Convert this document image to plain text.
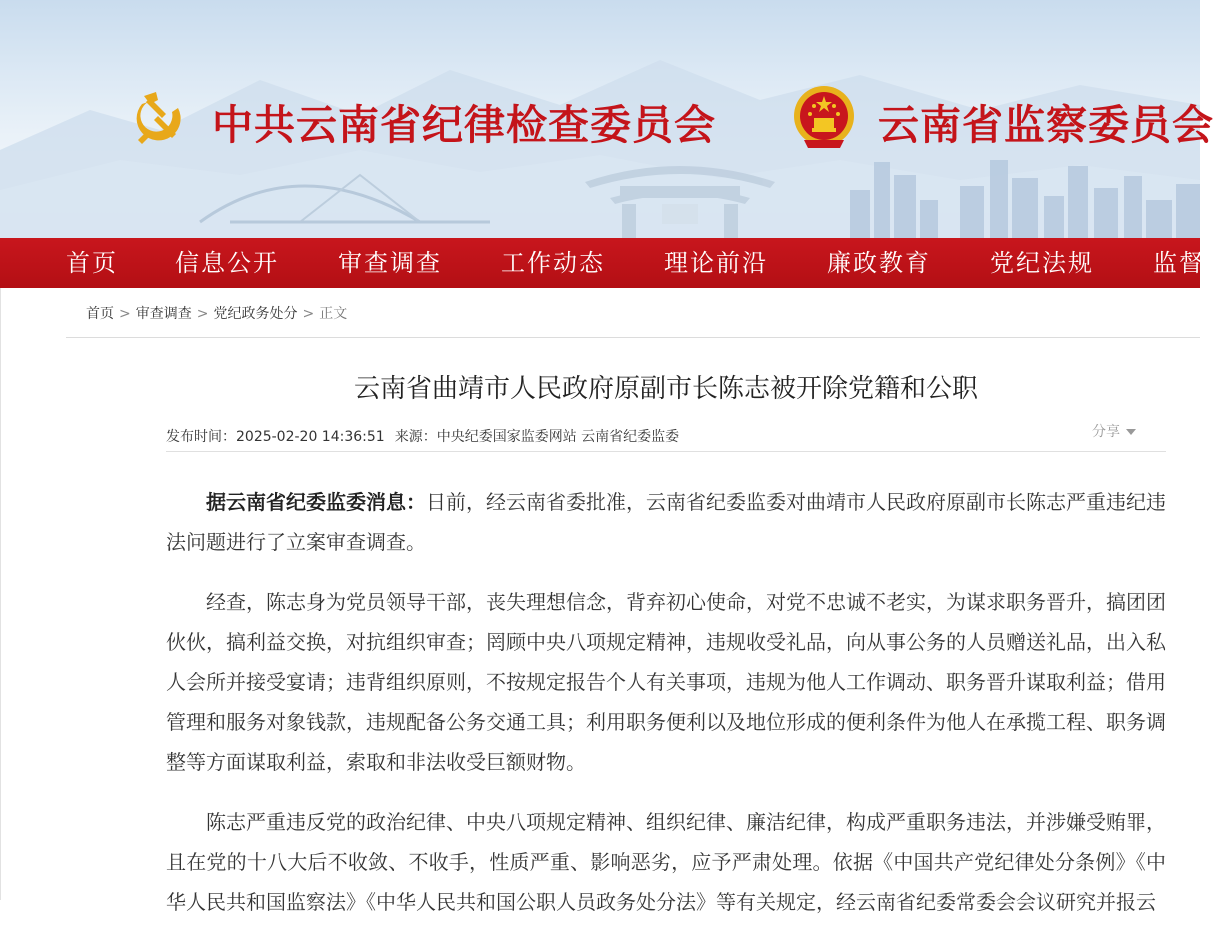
中共云南省纪律检查委员会	云南省监察委员会
首页 信息公开 审查调查 工作动态 理论前沿 廉政教育 党纪法规 监督
首页 > 审查调查 > 党纪政务处分 > 正文
云南省曲靖市人民政府原副市长陈志被开除党籍和公职
发布时间：2025-02-20 14:36:51 来源：中央纪委国家监委网站 云南省纪委监委	分享

据云南省纪委监委消息：日前，经云南省委批准，云南省纪委监委对曲靖市人民政府原副市长陈志严重违纪违法问题进行了立案审查调查。

经查，陈志身为党员领导干部，丧失理想信念，背弃初心使命，对党不忠诚不老实，为谋求职务晋升，搞团团伙伙，搞利益交换，对抗组织审查；罔顾中央八项规定精神，违规收受礼品，向从事公务的人员赠送礼品，出入私人会所并接受宴请；违背组织原则，不按规定报告个人有关事项，违规为他人工作调动、职务晋升谋取利益；借用管理和服务对象钱款，违规配备公务交通工具；利用职务便利以及地位形成的便利条件为他人在承揽工程、职务调整等方面谋取利益，索取和非法收受巨额财物。

陈志严重违反党的政治纪律、中央八项规定精神、组织纪律、廉洁纪律，构成严重职务违法，并涉嫌受贿罪，且在党的十八大后不收敛、不收手，性质严重、影响恶劣，应予严肃处理。依据《中国共产党纪律处分条例》《中华人民共和国监察法》《中华人民共和国公职人员政务处分法》等有关规定，经云南省纪委常委会会议研究并报云
